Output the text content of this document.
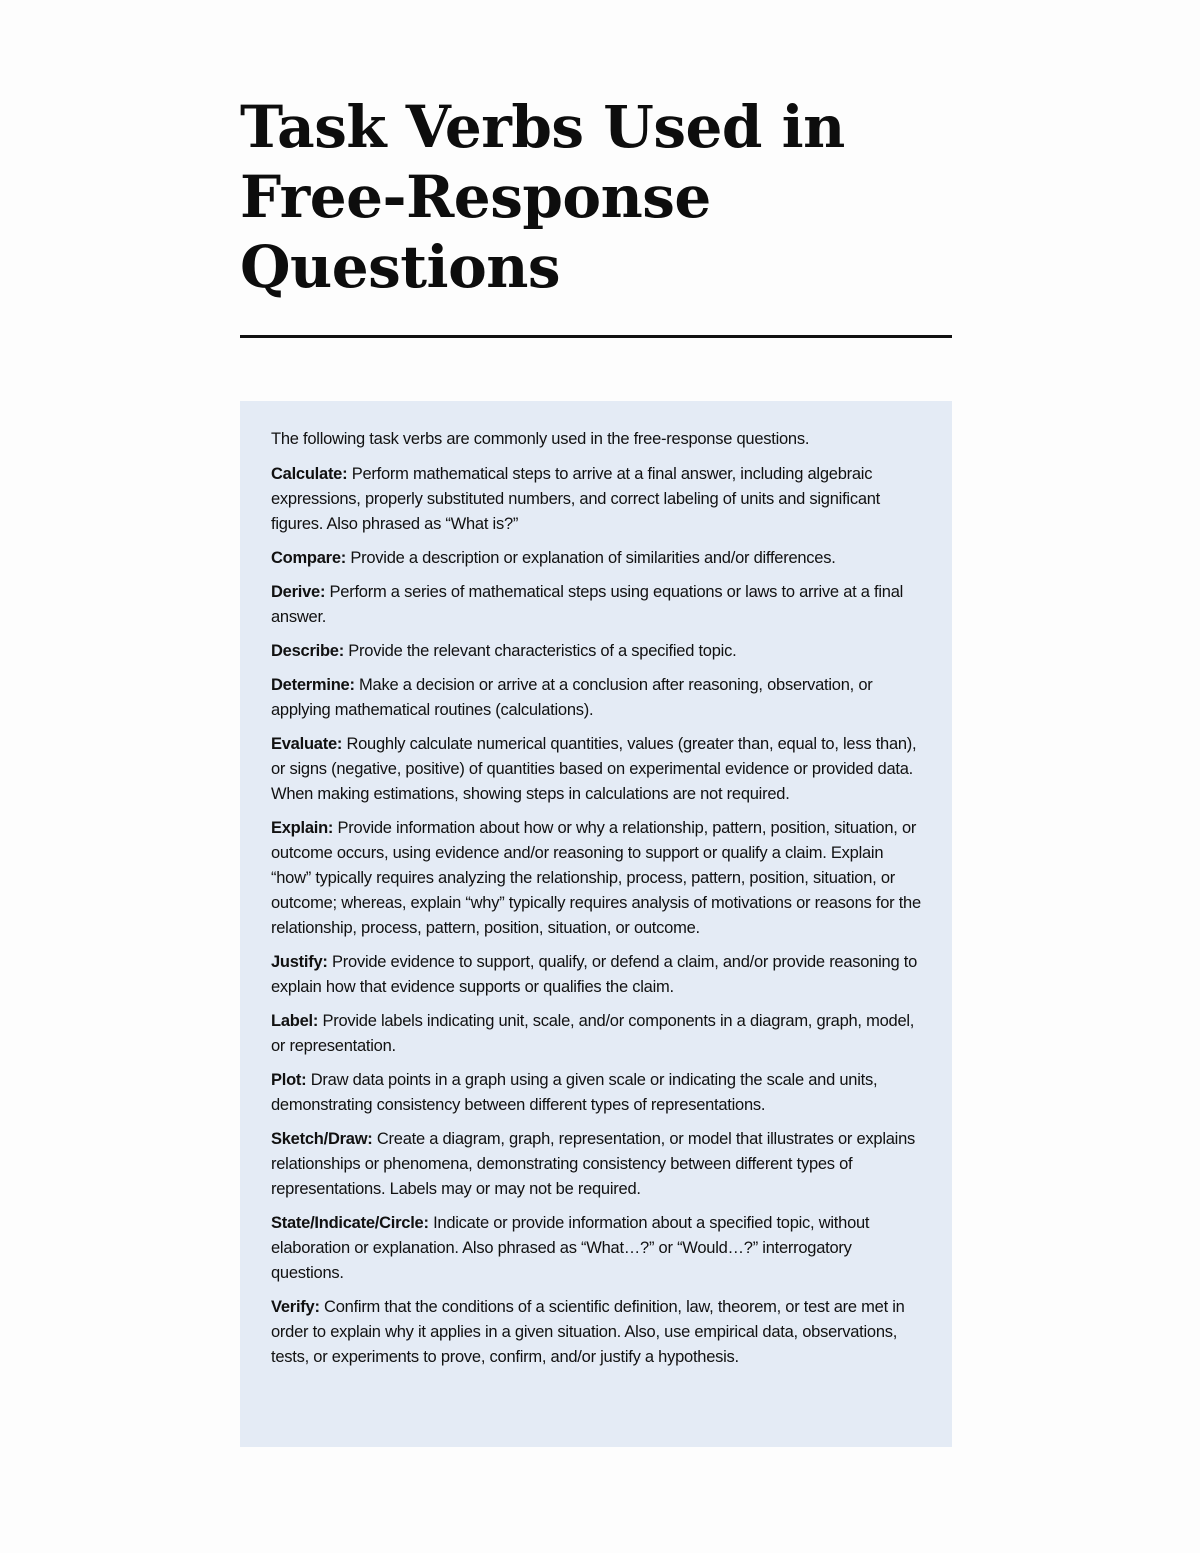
Task Verbs Used in Free-Response Questions

The following task verbs are commonly used in the free-response questions.

Calculate: Perform mathematical steps to arrive at a final answer, including algebraic expressions, properly substituted numbers, and correct labeling of units and significant figures. Also phrased as “What is?”

Compare: Provide a description or explanation of similarities and/or differences.

Derive: Perform a series of mathematical steps using equations or laws to arrive at a final answer.

Describe: Provide the relevant characteristics of a specified topic.

Determine: Make a decision or arrive at a conclusion after reasoning, observation, or applying mathematical routines (calculations).

Evaluate: Roughly calculate numerical quantities, values (greater than, equal to, less than), or signs (negative, positive) of quantities based on experimental evidence or provided data. When making estimations, showing steps in calculations are not required.

Explain: Provide information about how or why a relationship, pattern, position, situation, or outcome occurs, using evidence and/or reasoning to support or qualify a claim. Explain “how” typically requires analyzing the relationship, process, pattern, position, situation, or outcome; whereas, explain “why” typically requires analysis of motivations or reasons for the relationship, process, pattern, position, situation, or outcome.

Justify: Provide evidence to support, qualify, or defend a claim, and/or provide reasoning to explain how that evidence supports or qualifies the claim.

Label: Provide labels indicating unit, scale, and/or components in a diagram, graph, model, or representation.

Plot: Draw data points in a graph using a given scale or indicating the scale and units, demonstrating consistency between different types of representations.

Sketch/Draw: Create a diagram, graph, representation, or model that illustrates or explains relationships or phenomena, demonstrating consistency between different types of representations. Labels may or may not be required.

State/Indicate/Circle: Indicate or provide information about a specified topic, without elaboration or explanation. Also phrased as “What…?” or “Would…?” interrogatory questions.

Verify: Confirm that the conditions of a scientific definition, law, theorem, or test are met in order to explain why it applies in a given situation. Also, use empirical data, observations, tests, or experiments to prove, confirm, and/or justify a hypothesis.
